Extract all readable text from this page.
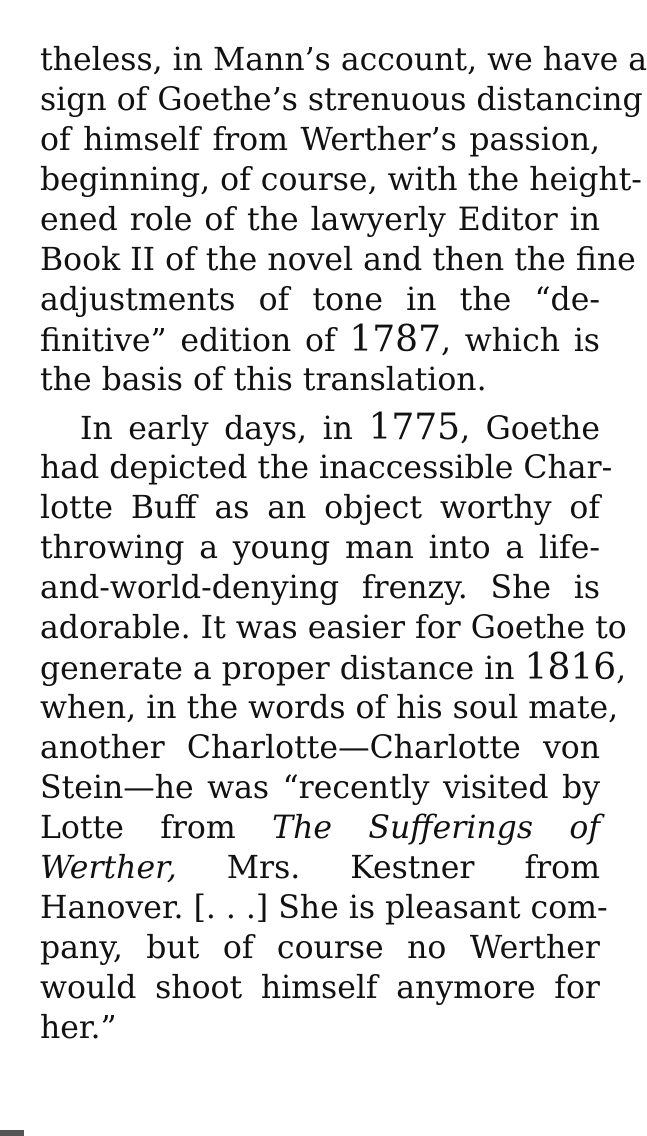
theless, in Mann’s account, we have a
sign of Goethe’s strenuous distancing
of himself from Werther’s passion,
beginning, of course, with the height-
ened role of the lawyerly Editor in
Book II of the novel and then the fine
adjustments of tone in the “de-
finitive” edition of 1787, which is
the basis of this translation.
In early days, in 1775, Goethe
had depicted the inaccessible Char-
lotte Buff as an object worthy of
throwing a young man into a life-
and-world-denying frenzy. She is
adorable. It was easier for Goethe to
generate a proper distance in 1816,
when, in the words of his soul mate,
another Charlotte—Charlotte von
Stein—he was “recently visited by
Lotte from The Sufferings of
Werther, Mrs. Kestner from
Hanover. [. . .] She is pleasant com-
pany, but of course no Werther
would shoot himself anymore for
her.”
